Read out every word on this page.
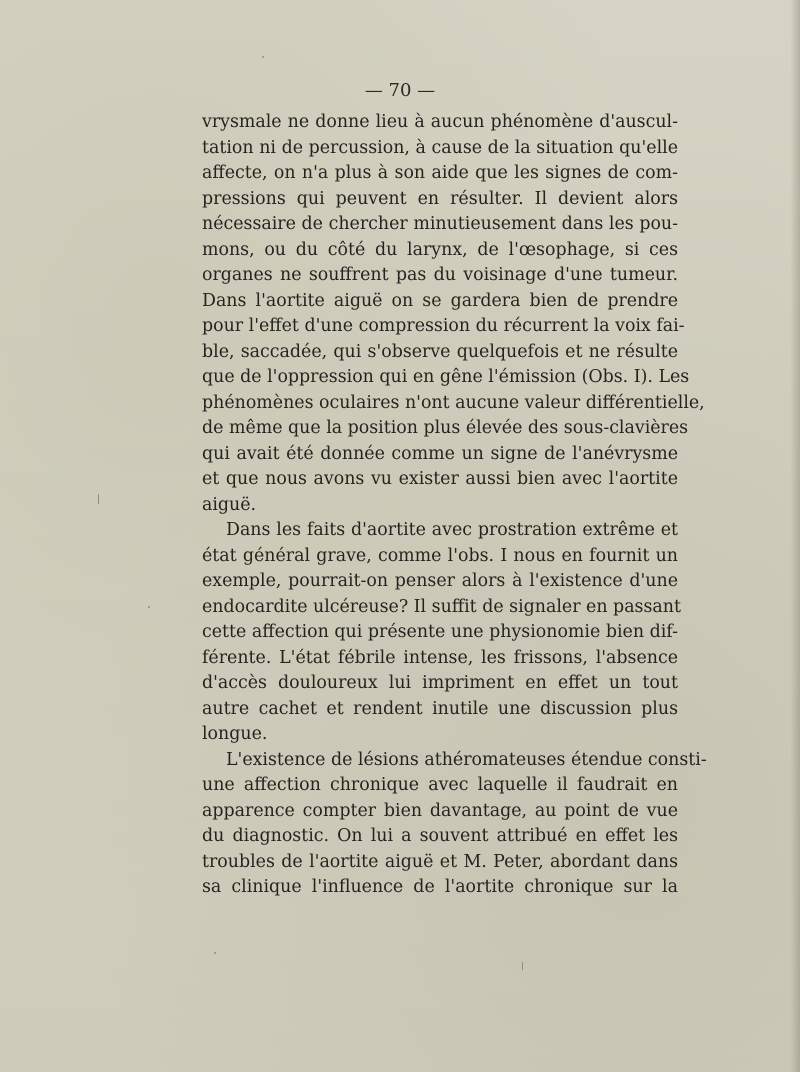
— 70 —

vrysmale ne donne lieu à aucun phénomène d'auscul-
tation ni de percussion, à cause de la situation qu'elle
affecte, on n'a plus à son aide que les signes de com-
pressions qui peuvent en résulter. Il devient alors
nécessaire de chercher minutieusement dans les pou-
mons, ou du côté du larynx, de l'œsophage, si ces
organes ne souffrent pas du voisinage d'une tumeur.
Dans l'aortite aiguë on se gardera bien de prendre
pour l'effet d'une compression du récurrent la voix fai-
ble, saccadée, qui s'observe quelquefois et ne résulte
que de l'oppression qui en gêne l'émission (Obs. I). Les
phénomènes oculaires n'ont aucune valeur différentielle,
de même que la position plus élevée des sous-clavières
qui avait été donnée comme un signe de l'anévrysme
et que nous avons vu exister aussi bien avec l'aortite
aiguë.
Dans les faits d'aortite avec prostration extrême et
état général grave, comme l'obs. I nous en fournit un
exemple, pourrait-on penser alors à l'existence d'une
endocardite ulcéreuse? Il suffit de signaler en passant
cette affection qui présente une physionomie bien dif-
férente. L'état fébrile intense, les frissons, l'absence
d'accès douloureux lui impriment en effet un tout
autre cachet et rendent inutile une discussion plus
longue.
L'existence de lésions athéromateuses étendue consti-
une affection chronique avec laquelle il faudrait en
apparence compter bien davantage, au point de vue
du diagnostic. On lui a souvent attribué en effet les
troubles de l'aortite aiguë et M. Peter, abordant dans
sa clinique l'influence de l'aortite chronique sur la
